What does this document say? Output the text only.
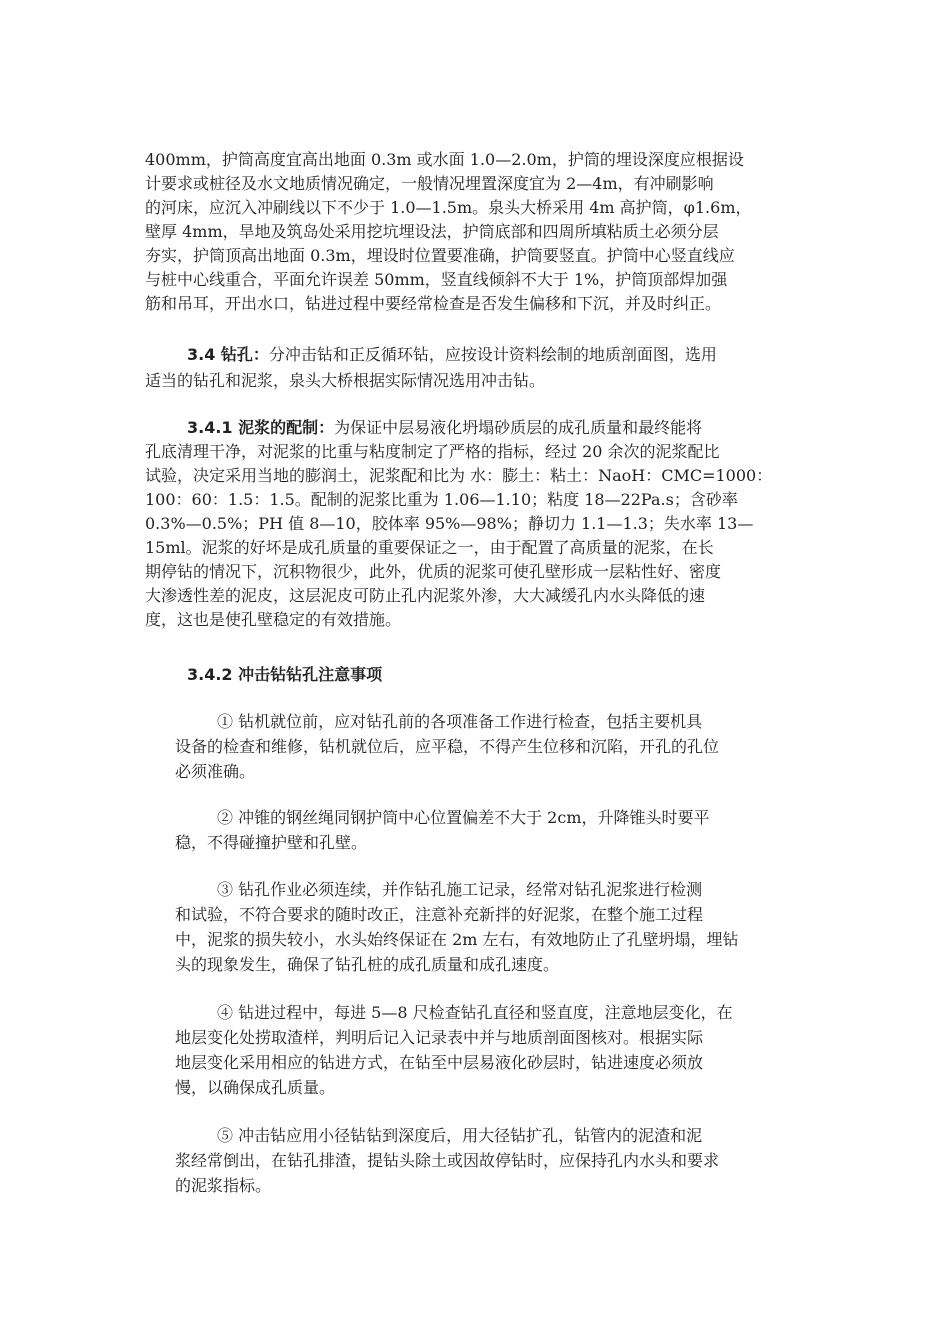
400mm，护筒高度宜高出地面 0.3m 或水面 1.0—2.0m，护筒的埋设深度应根据设
计要求或桩径及水文地质情况确定，一般情况埋置深度宜为 2—4m，有冲刷影响
的河床，应沉入冲刷线以下不少于 1.0—1.5m。泉头大桥采用 4m 高护筒，φ1.6m，
壁厚 4mm，旱地及筑岛处采用挖坑埋设法，护筒底部和四周所填粘质土必须分层
夯实，护筒顶高出地面 0.3m，埋设时位置要准确，护筒要竖直。护筒中心竖直线应
与桩中心线重合，平面允许误差 50mm，竖直线倾斜不大于 1%，护筒顶部焊加强
筋和吊耳，开出水口，钻进过程中要经常检查是否发生偏移和下沉，并及时纠正。
3.4 钻孔：分冲击钻和正反循环钻，应按设计资料绘制的地质剖面图，选用
适当的钻孔和泥浆，泉头大桥根据实际情况选用冲击钻。
3.4.1 泥浆的配制：为保证中层易液化坍塌砂质层的成孔质量和最终能将
孔底清理干净，对泥浆的比重与粘度制定了严格的指标，经过 20 余次的泥浆配比
试验，决定采用当地的膨润土，泥浆配和比为 水：膨土：粘土：NaoH：CMC=1000：
100：60：1.5：1.5。配制的泥浆比重为 1.06—1.10；粘度 18—22Pa.s；含砂率
0.3%—0.5%；PH 值 8—10，胶体率 95%—98%；静切力 1.1—1.3；失水率 13—
15ml。泥浆的好坏是成孔质量的重要保证之一，由于配置了高质量的泥浆，在长
期停钻的情况下，沉积物很少，此外，优质的泥浆可使孔壁形成一层粘性好、密度
大渗透性差的泥皮，这层泥皮可防止孔内泥浆外渗，大大减缓孔内水头降低的速
度，这也是使孔壁稳定的有效措施。
3.4.2 冲击钻钻孔注意事项
① 钻机就位前，应对钻孔前的各项准备工作进行检查，包括主要机具
设备的检查和维修，钻机就位后，应平稳，不得产生位移和沉陷，开孔的孔位
必须准确。
② 冲锥的钢丝绳同钢护筒中心位置偏差不大于 2cm，升降锥头时要平
稳，不得碰撞护壁和孔壁。
③ 钻孔作业必须连续，并作钻孔施工记录，经常对钻孔泥浆进行检测
和试验，不符合要求的随时改正，注意补充新拌的好泥浆，在整个施工过程
中，泥浆的损失较小，水头始终保证在 2m 左右，有效地防止了孔壁坍塌，埋钻
头的现象发生，确保了钻孔桩的成孔质量和成孔速度。
④ 钻进过程中，每进 5—8 尺检查钻孔直径和竖直度，注意地层变化，在
地层变化处捞取渣样，判明后记入记录表中并与地质剖面图核对。根据实际
地层变化采用相应的钻进方式，在钻至中层易液化砂层时，钻进速度必须放
慢，以确保成孔质量。
⑤ 冲击钻应用小径钻钻到深度后，用大径钻扩孔，钻管内的泥渣和泥
浆经常倒出，在钻孔排渣，提钻头除土或因故停钻时，应保持孔内水头和要求
的泥浆指标。
